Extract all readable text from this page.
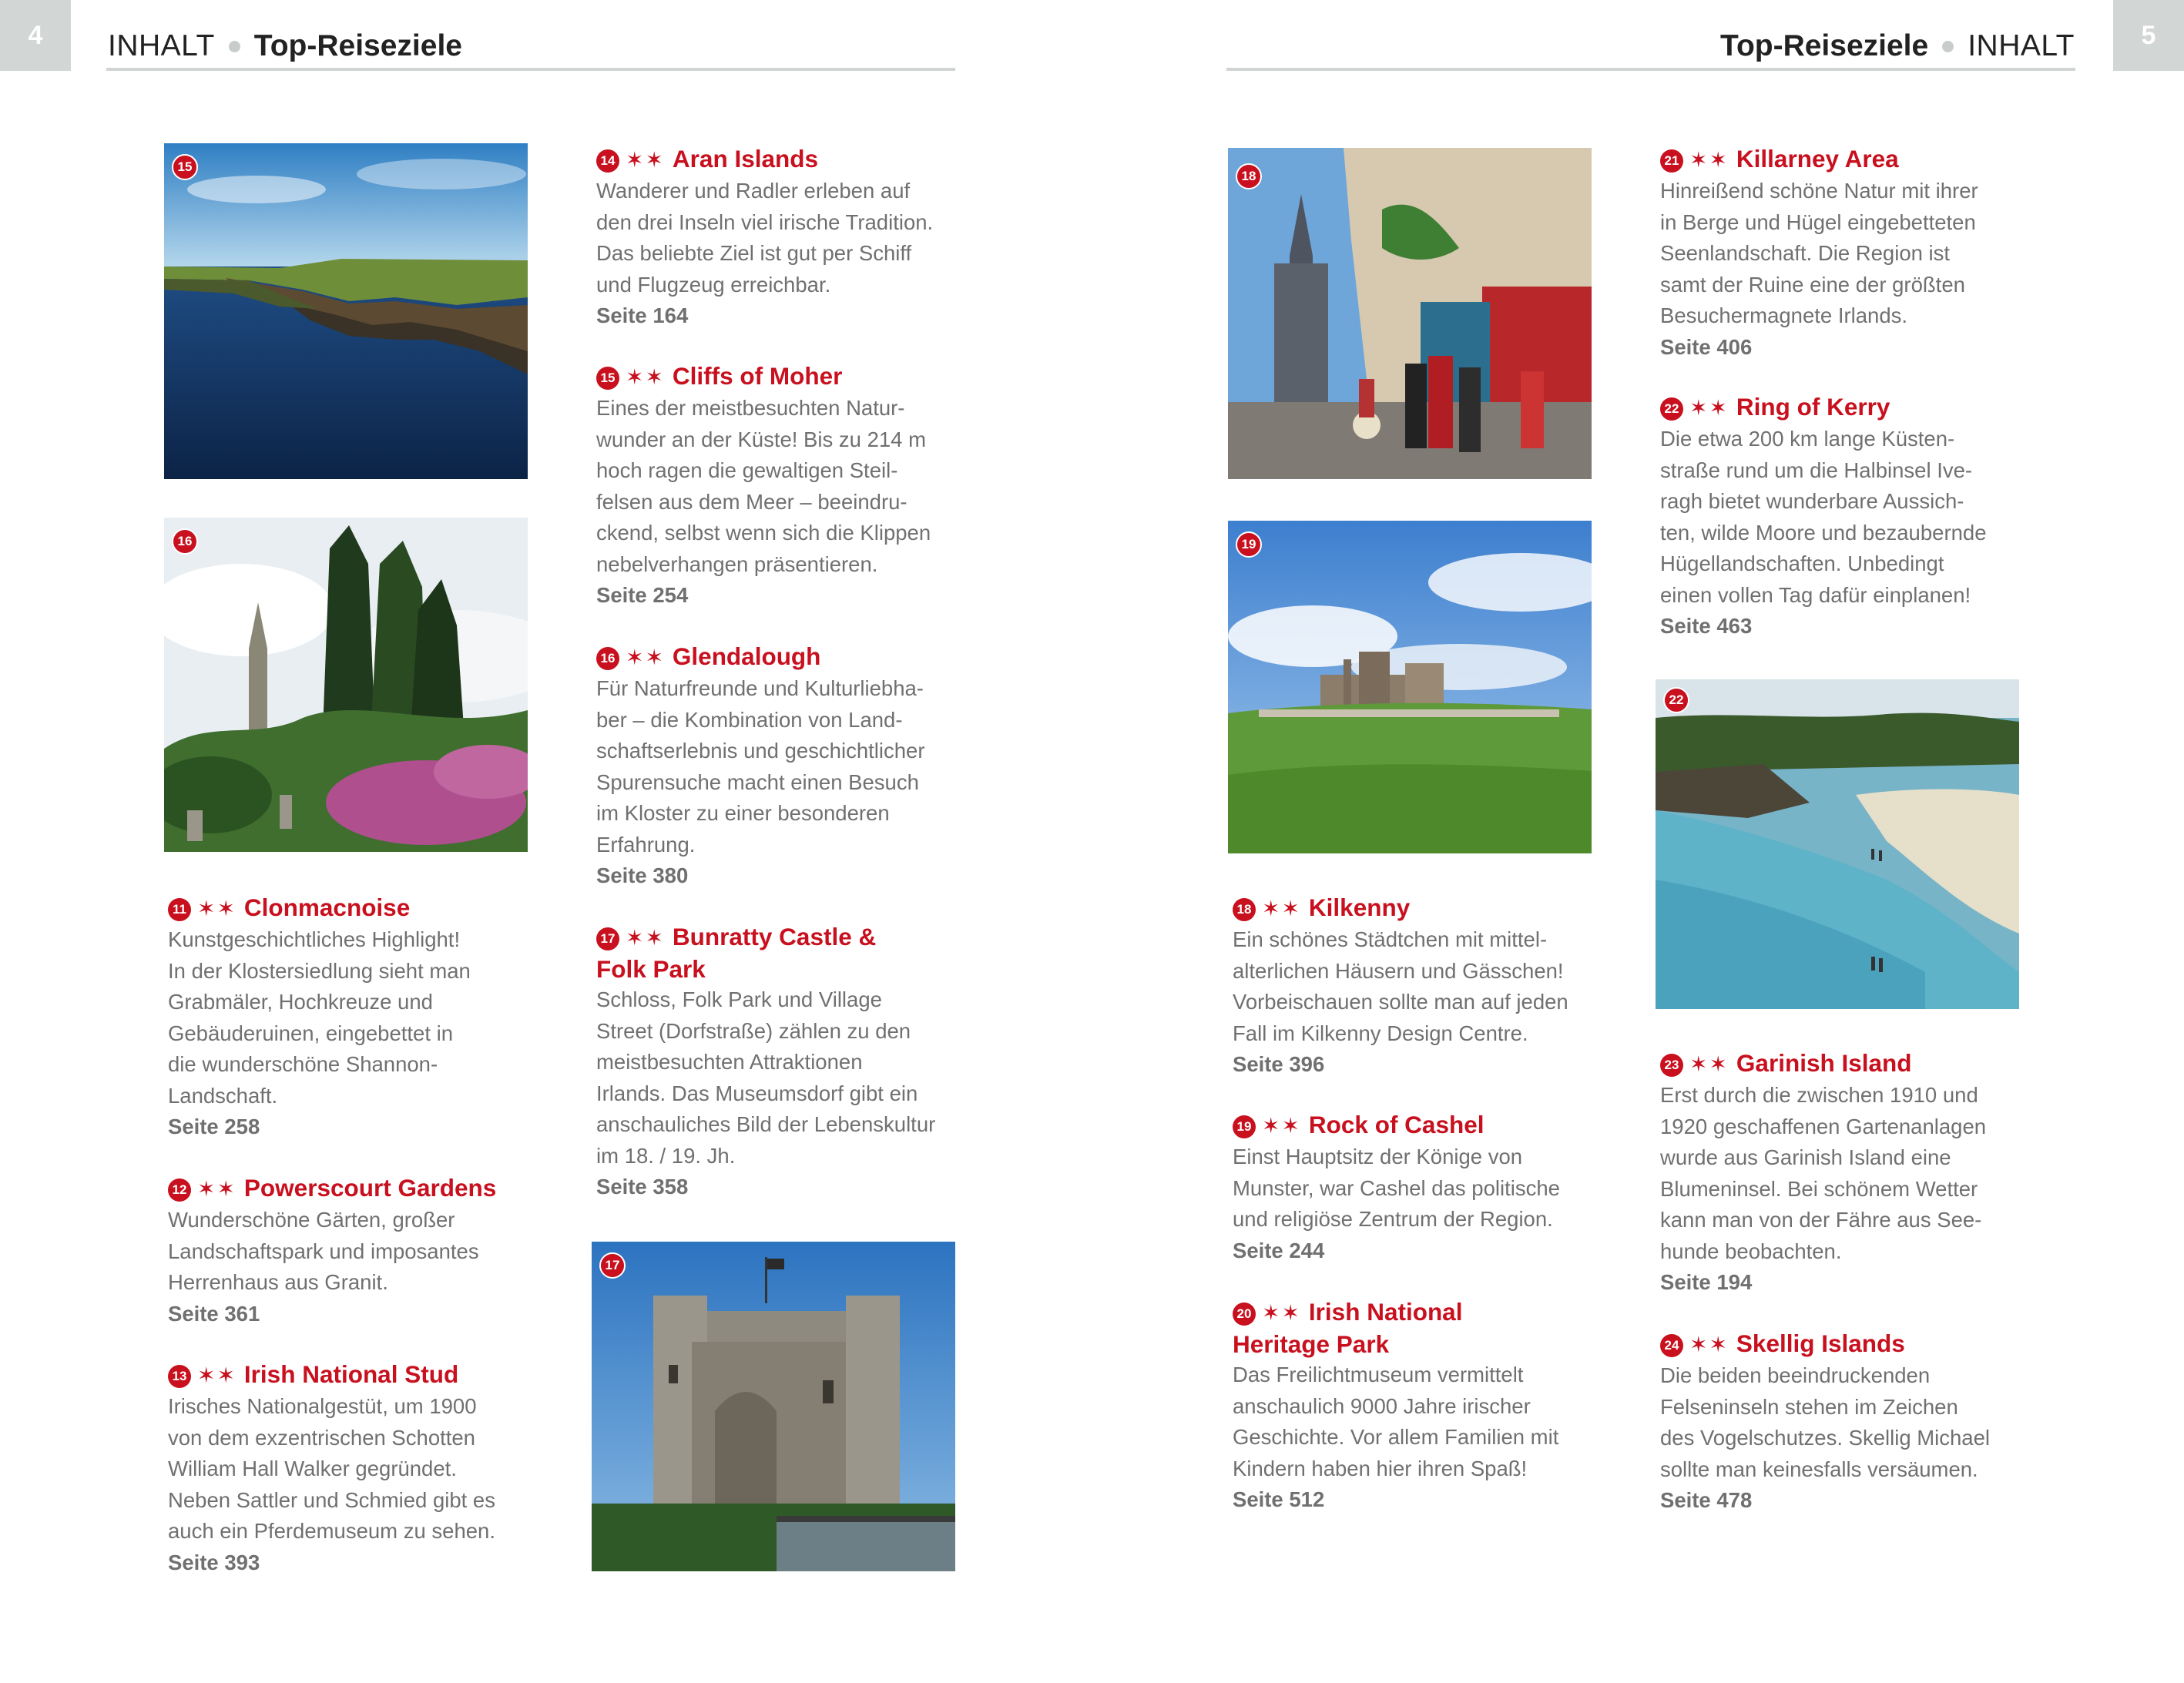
4	INHALT Top-Reiseziele	5
Top-Reiseziele INHALT
15
16
17
18
19
22
11 ✶✶ Clonmacnoise
Kunstgeschichtliches Highlight!
In der Klostersiedlung sieht man
Grabmäler, Hochkreuze und
Gebäuderuinen, eingebettet in
die wunderschöne Shannon-
Landschaft.
Seite 258
12 ✶✶ Powerscourt Gardens
Wunderschöne Gärten, großer
Landschaftspark und imposantes
Herrenhaus aus Granit.
Seite 361
13 ✶✶ Irish National Stud
Irisches Nationalgestüt, um 1900
von dem exzentrischen Schotten
William Hall Walker gegründet.
Neben Sattler und Schmied gibt es
auch ein Pferdemuseum zu sehen.
Seite 393
14 ✶✶ Aran Islands
Wanderer und Radler erleben auf
den drei Inseln viel irische Tradition.
Das beliebte Ziel ist gut per Schiff
und Flugzeug erreichbar.
Seite 164
15 ✶✶ Cliffs of Moher
Eines der meistbesuchten Natur-
wunder an der Küste! Bis zu 214 m
hoch ragen die gewaltigen Steil-
felsen aus dem Meer – beeindru-
ckend, selbst wenn sich die Klippen
nebelverhangen präsentieren.
Seite 254
16 ✶✶ Glendalough
Für Naturfreunde und Kulturliebha-
ber – die Kombination von Land-
schaftserlebnis und geschichtlicher
Spurensuche macht einen Besuch
im Kloster zu einer besonderen
Erfahrung.
Seite 380
17 ✶✶ Bunratty Castle &
Folk Park
Schloss, Folk Park und Village
Street (Dorfstraße) zählen zu den
meistbesuchten Attraktionen
Irlands. Das Museumsdorf gibt ein
anschauliches Bild der Lebenskultur
im 18. / 19. Jh.
Seite 358
18 ✶✶ Kilkenny
Ein schönes Städtchen mit mittel-
alterlichen Häusern und Gässchen!
Vorbeischauen sollte man auf jeden
Fall im Kilkenny Design Centre.
Seite 396
19 ✶✶ Rock of Cashel
Einst Hauptsitz der Könige von
Munster, war Cashel das politische
und religiöse Zentrum der Region.
Seite 244
20 ✶✶ Irish National
Heritage Park
Das Freilichtmuseum vermittelt
anschaulich 9000 Jahre irischer
Geschichte. Vor allem Familien mit
Kindern haben hier ihren Spaß!
Seite 512
21 ✶✶ Killarney Area
Hinreißend schöne Natur mit ihrer
in Berge und Hügel eingebetteten
Seenlandschaft. Die Region ist
samt der Ruine eine der größten
Besuchermagnete Irlands.
Seite 406
22 ✶✶ Ring of Kerry
Die etwa 200 km lange Küsten-
straße rund um die Halbinsel Ive-
ragh bietet wunderbare Aussich-
ten, wilde Moore und bezaubernde
Hügellandschaften. Unbedingt
einen vollen Tag dafür einplanen!
Seite 463
23 ✶✶ Garinish Island
Erst durch die zwischen 1910 und
1920 geschaffenen Gartenanlagen
wurde aus Garinish Island eine
Blumeninsel. Bei schönem Wetter
kann man von der Fähre aus See-
hunde beobachten.
Seite 194
24 ✶✶ Skellig Islands
Die beiden beeindruckenden
Felseninseln stehen im Zeichen
des Vogelschutzes. Skellig Michael
sollte man keinesfalls versäumen.
Seite 478
